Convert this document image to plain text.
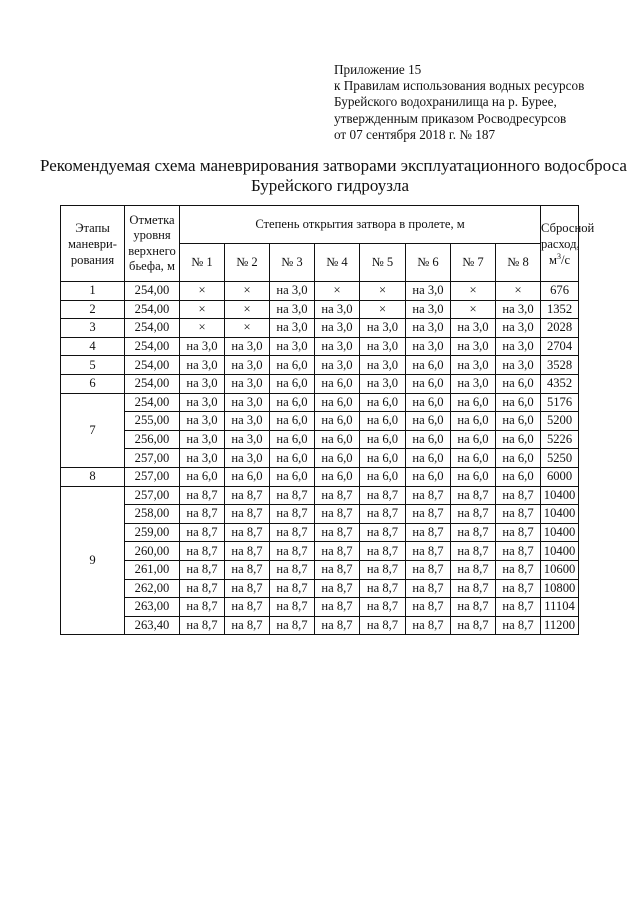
Приложение 15
к Правилам использования водных ресурсов
Бурейского водохранилища на р. Бурее,
утвержденным приказом Росводресурсов
от 07 сентября 2018 г. № 187
Рекомендуемая схема маневрирования затворами эксплуатационного водосброса
Бурейского гидроузла
Этапы маневри-рования	Отметка уровня верхнего бьефа, м	Степень открытия затвора в пролете, м								Сбросной расход, $м^3/с$
		№ 1	№ 2	№ 3	№ 4	№ 5	№ 6	№ 7	№ 8	
1	254,00	×	×	на 3,0	×	×	на 3,0	×	×	676
2	254,00	×	×	на 3,0	на 3,0	×	на 3,0	×	на 3,0	1352
3	254,00	×	×	на 3,0	на 3,0	на 3,0	на 3,0	на 3,0	на 3,0	2028
4	254,00	на 3,0	на 3,0	на 3,0	на 3,0	на 3,0	на 3,0	на 3,0	на 3,0	2704
5	254,00	на 3,0	на 3,0	на 6,0	на 3,0	на 3,0	на 6,0	на 3,0	на 3,0	3528
6	254,00	на 3,0	на 3,0	на 6,0	на 6,0	на 3,0	на 6,0	на 3,0	на 6,0	4352
7	254,00	на 3,0	на 3,0	на 6,0	на 6,0	на 6,0	на 6,0	на 6,0	на 6,0	5176
	255,00	на 3,0	на 3,0	на 6,0	на 6,0	на 6,0	на 6,0	на 6,0	на 6,0	5200
	256,00	на 3,0	на 3,0	на 6,0	на 6,0	на 6,0	на 6,0	на 6,0	на 6,0	5226
	257,00	на 3,0	на 3,0	на 6,0	на 6,0	на 6,0	на 6,0	на 6,0	на 6,0	5250
8	257,00	на 6,0	на 6,0	на 6,0	на 6,0	на 6,0	на 6,0	на 6,0	на 6,0	6000
9	257,00	на 8,7	на 8,7	на 8,7	на 8,7	на 8,7	на 8,7	на 8,7	на 8,7	10400
	258,00	на 8,7	на 8,7	на 8,7	на 8,7	на 8,7	на 8,7	на 8,7	на 8,7	10400
	259,00	на 8,7	на 8,7	на 8,7	на 8,7	на 8,7	на 8,7	на 8,7	на 8,7	10400
	260,00	на 8,7	на 8,7	на 8,7	на 8,7	на 8,7	на 8,7	на 8,7	на 8,7	10400
	261,00	на 8,7	на 8,7	на 8,7	на 8,7	на 8,7	на 8,7	на 8,7	на 8,7	10600
	262,00	на 8,7	на 8,7	на 8,7	на 8,7	на 8,7	на 8,7	на 8,7	на 8,7	10800
	263,00	на 8,7	на 8,7	на 8,7	на 8,7	на 8,7	на 8,7	на 8,7	на 8,7	11104
	263,40	на 8,7	на 8,7	на 8,7	на 8,7	на 8,7	на 8,7	на 8,7	на 8,7	11200
